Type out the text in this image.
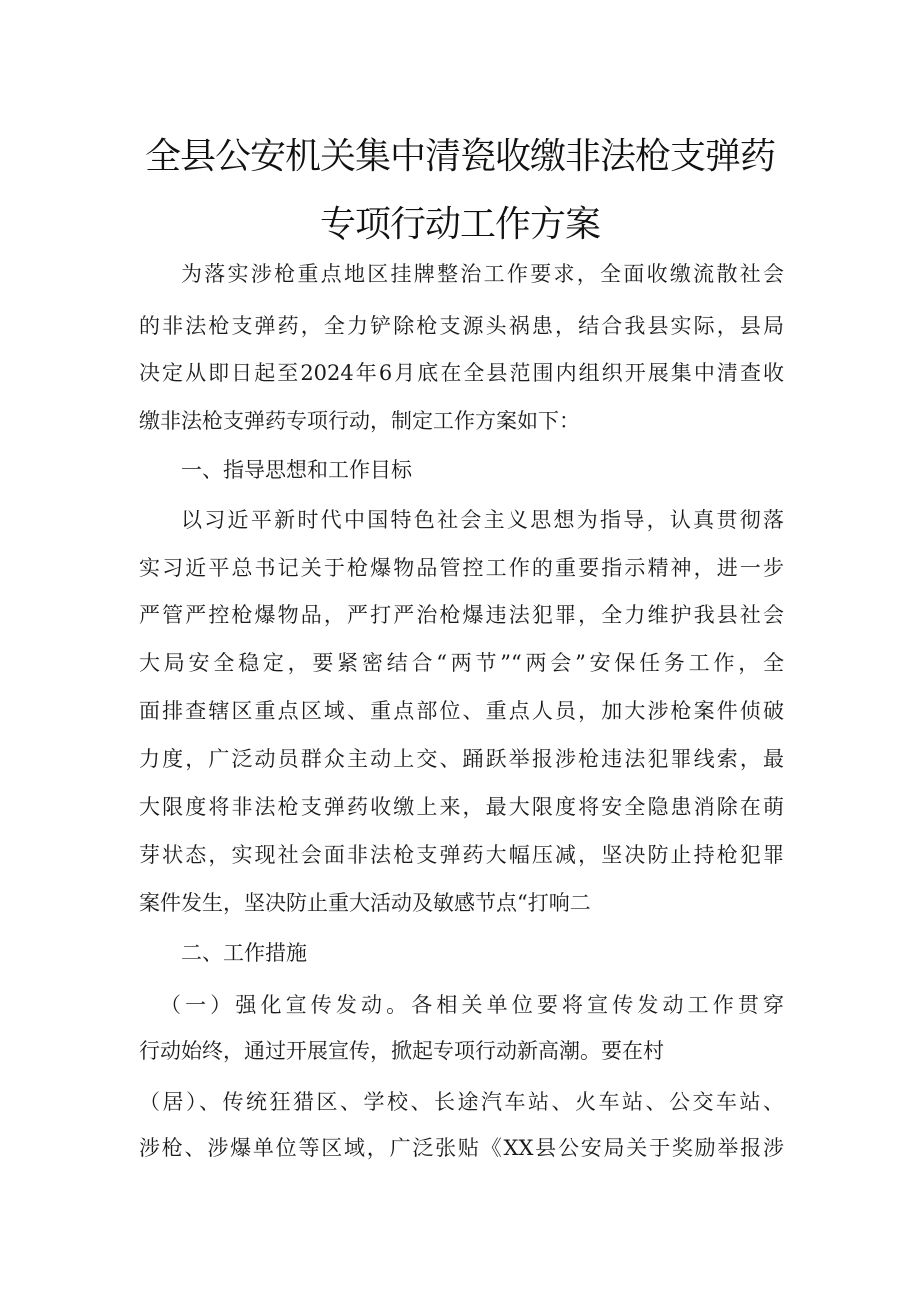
全县公安机关集中清瓷收缴非法枪支弹药
专项行动工作方案

为落实涉枪重点地区挂牌整治工作要求，全面收缴流散社会

的非法枪支弹药，全力铲除枪支源头祸患，结合我县实际，县局

决定从即日起至2024年6月底在全县范围内组织开展集中清查收

缴非法枪支弹药专项行动，制定工作方案如下：

一、指导思想和工作目标

以习近平新时代中国特色社会主义思想为指导，认真贯彻落

实习近平总书记关于枪爆物品管控工作的重要指示精神，进一步

严管严控枪爆物品，严打严治枪爆违法犯罪，全力维护我县社会

大局安全稳定，要紧密结合“两节”“两会”安保任务工作，全

面排查辖区重点区域、重点部位、重点人员，加大涉枪案件侦破

力度，广泛动员群众主动上交、踊跃举报涉枪违法犯罪线索，最

大限度将非法枪支弹药收缴上来，最大限度将安全隐患消除在萌

芽状态，实现社会面非法枪支弹药大幅压减，坚决防止持枪犯罪

案件发生，坚决防止重大活动及敏感节点“打响二

二、工作措施

（一）强化宣传发动。各相关单位要将宣传发动工作贯穿

行动始终，通过开展宣传，掀起专项行动新高潮。要在村

（居）、传统狂猎区、学校、长途汽车站、火车站、公交车站、

涉枪、涉爆单位等区域，广泛张贴《XX县公安局关于奖励举报涉
